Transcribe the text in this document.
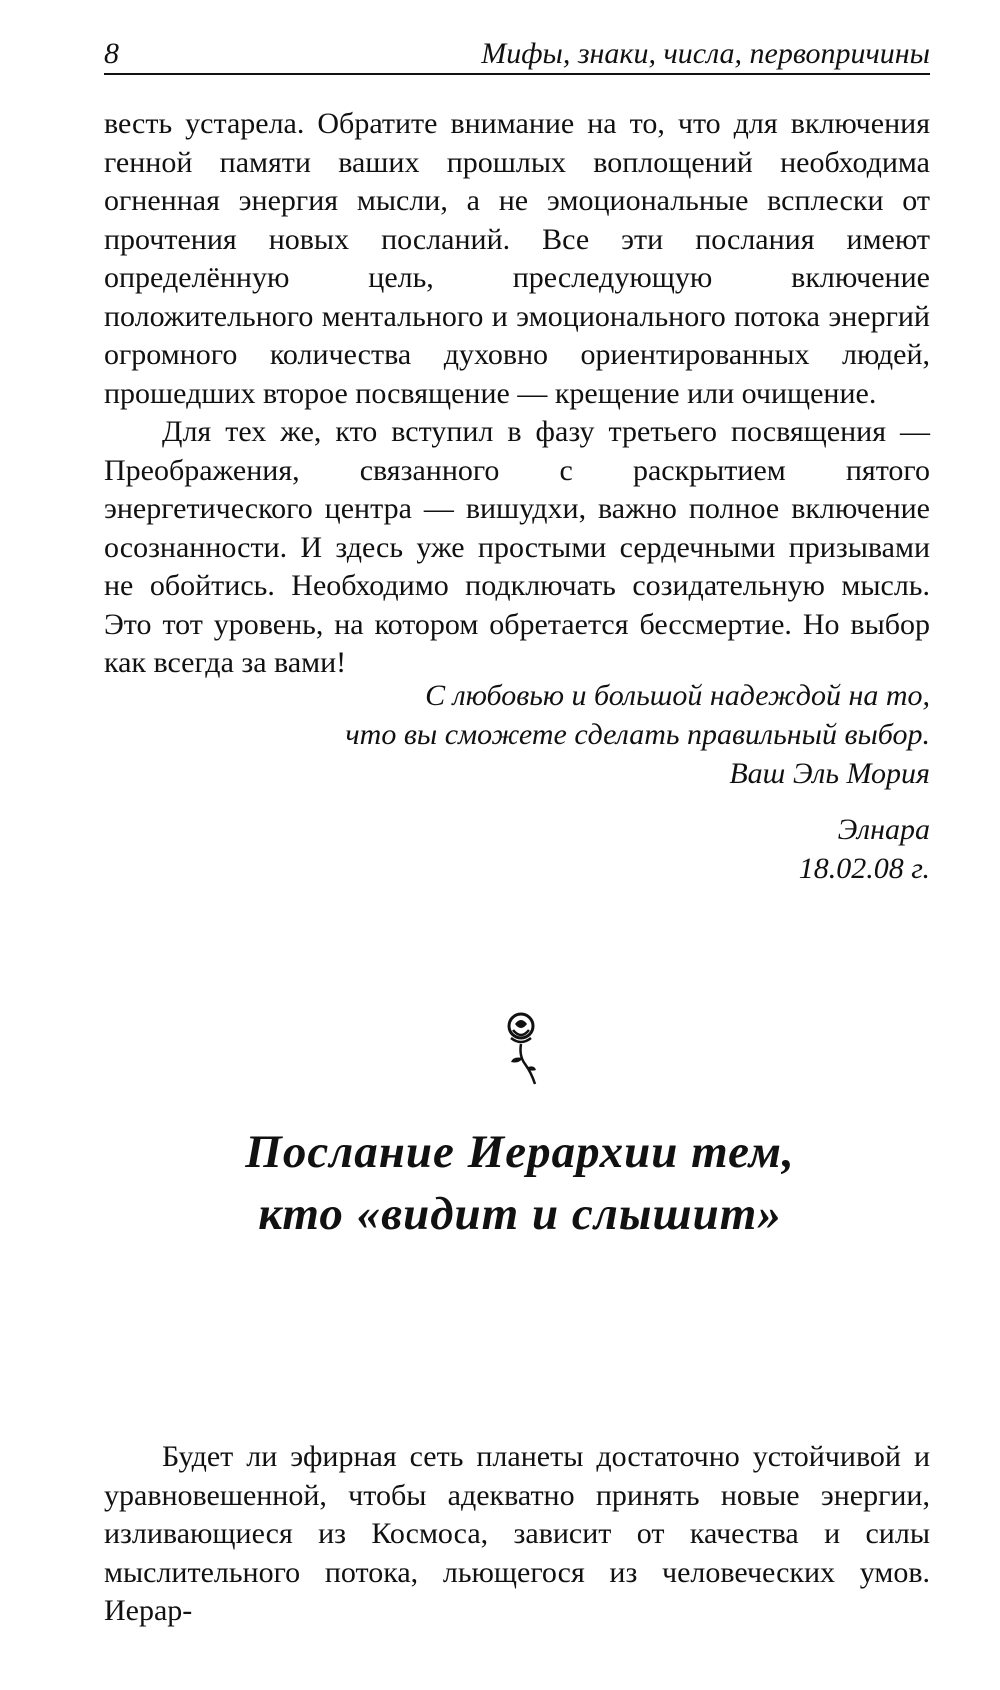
8	Мифы, знаки, числа, первопричины

весть устарела. Обратите внимание на то, что для включения генной памяти ваших прошлых воплощений необходима огненная энергия мысли, а не эмоциональные всплески от прочтения новых посланий. Все эти послания имеют определённую цель, преследующую включение положительного ментального и эмоционального потока энергий огромного количества духовно ориентированных людей, прошедших второе посвящение — крещение или очищение.

Для тех же, кто вступил в фазу третьего посвящения — Преображения, связанного с раскрытием пятого энергетического центра — вишудхи, важно полное включение осознанности. И здесь уже простыми сердечными призывами не обойтись. Необходимо подключать созидательную мысль. Это тот уровень, на котором обретается бессмертие. Но выбор как всегда за вами!

С любовью и большой надеждой на то,
что вы сможете сделать правильный выбор.
Ваш Эль Мория
Элнара
18.02.08 г.
Послание Иерархии тем,
кто «видит и слышит»

Будет ли эфирная сеть планеты достаточно устойчивой и уравновешенной, чтобы адекватно принять новые энергии, изливающиеся из Космоса, зависит от качества и силы мыслительного потока, льющегося из человеческих умов. Иерар-
